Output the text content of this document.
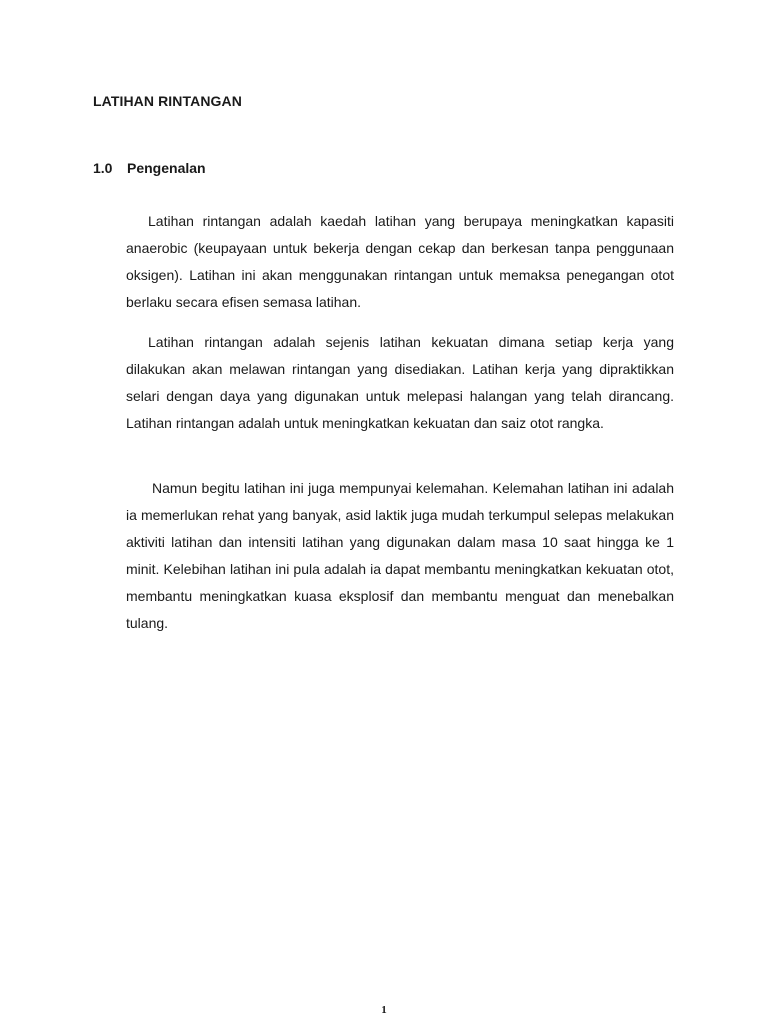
LATIHAN RINTANGAN
1.0 Pengenalan

Latihan rintangan adalah kaedah latihan yang berupaya meningkatkan kapasiti anaerobic (keupayaan untuk bekerja dengan cekap dan berkesan tanpa penggunaan oksigen). Latihan ini akan menggunakan rintangan untuk memaksa penegangan otot berlaku secara efisen semasa latihan.

Latihan rintangan adalah sejenis latihan kekuatan dimana setiap kerja yang dilakukan akan melawan rintangan yang disediakan. Latihan kerja yang dipraktikkan selari dengan daya yang digunakan untuk melepasi halangan yang telah dirancang. Latihan rintangan adalah untuk meningkatkan kekuatan dan saiz otot rangka.

Namun begitu latihan ini juga mempunyai kelemahan. Kelemahan latihan ini adalah ia memerlukan rehat yang banyak, asid laktik juga mudah terkumpul selepas melakukan aktiviti latihan dan intensiti latihan yang digunakan dalam masa 10 saat hingga ke 1 minit. Kelebihan latihan ini pula adalah ia dapat membantu meningkatkan kekuatan otot, membantu meningkatkan kuasa eksplosif dan membantu menguat dan menebalkan tulang.

1
